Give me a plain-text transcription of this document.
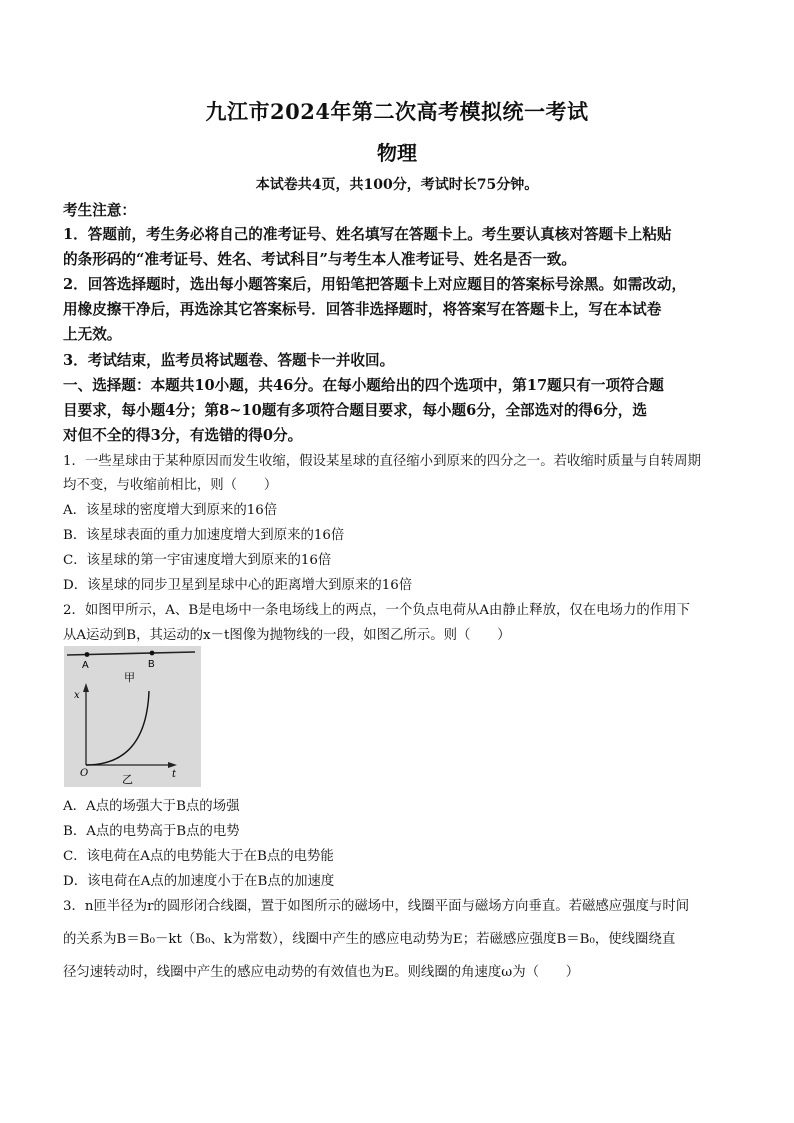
九江市2024年第二次高考模拟统一考试
物理
本试卷共4页，共100分，考试时长75分钟。
考生注意：
1．答题前，考生务必将自己的准考证号、姓名填写在答题卡上。考生要认真核对答题卡上粘贴
的条形码的“准考证号、姓名、考试科目”与考生本人准考证号、姓名是否一致。
2．回答选择题时，选出每小题答案后，用铅笔把答题卡上对应题目的答案标号涂黑。如需改动，
用橡皮擦干净后，再选涂其它答案标号．回答非选择题时，将答案写在答题卡上，写在本试卷
上无效。
3．考试结束，监考员将试题卷、答题卡一并收回。
一、选择题：本题共10小题，共46分。在每小题给出的四个选项中，第17题只有一项符合题
目要求，每小题4分；第8~10题有多项符合题目要求，每小题6分，全部选对的得6分，选
对但不全的得3分，有选错的得0分。
1．一些星球由于某种原因而发生收缩，假设某星球的直径缩小到原来的四分之一。若收缩时质量与自转周期
均不变，与收缩前相比，则（　　）
A．该星球的密度增大到原来的16倍
B．该星球表面的重力加速度增大到原来的16倍
C．该星球的第一宇宙速度增大到原来的16倍
D．该星球的同步卫星到星球中心的距离增大到原来的16倍
2．如图甲所示，A、B是电场中一条电场线上的两点，一个负点电荷从A由静止释放，仅在电场力的作用下
从A运动到B，其运动的x－t图像为抛物线的一段，如图乙所示。则（　　）
A	B
甲
x
t
O	乙
A．A点的场强大于B点的场强
B．A点的电势高于B点的电势
C．该电荷在A点的电势能大于在B点的电势能
D．该电荷在A点的加速度小于在B点的加速度
3．n匝半径为r的圆形闭合线圈，置于如图所示的磁场中，线圈平面与磁场方向垂直。若磁感应强度与时间
的关系为B＝B₀－kt（B₀、k为常数），线圈中产生的感应电动势为E；若磁感应强度B＝B₀，使线圈绕直
径匀速转动时，线圈中产生的感应电动势的有效值也为E。则线圈的角速度ω为（　　）
